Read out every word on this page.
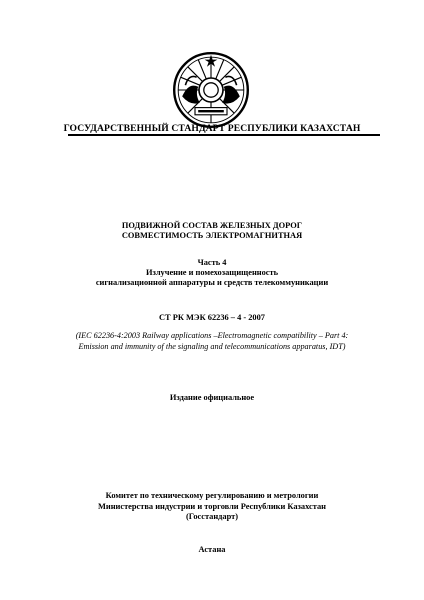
ГОСУДАРСТВЕННЫЙ СТАНДАРТ РЕСПУБЛИКИ КАЗАХСТАН
ПОДВИЖНОЙ СОСТАВ ЖЕЛЕЗНЫХ ДОРОГ
СОВМЕСТИМОСТЬ ЭЛЕКТРОМАГНИТНАЯ
Часть 4
Излучение и помехозащищенность
сигнализационной аппаратуры и средств телекоммуникации
СТ РК МЭК 62236 – 4 - 2007
(IEC 62236-4:2003 Railway applications –Electromagnetic compatibility – Part 4:
Emission and immunity of the signaling and telecommunications apparatus, IDT)
Издание официальное
Комитет по техническому регулированию и метрологии
Министерства индустрии и торговли Республики Казахстан
(Госстандарт)
Астана
